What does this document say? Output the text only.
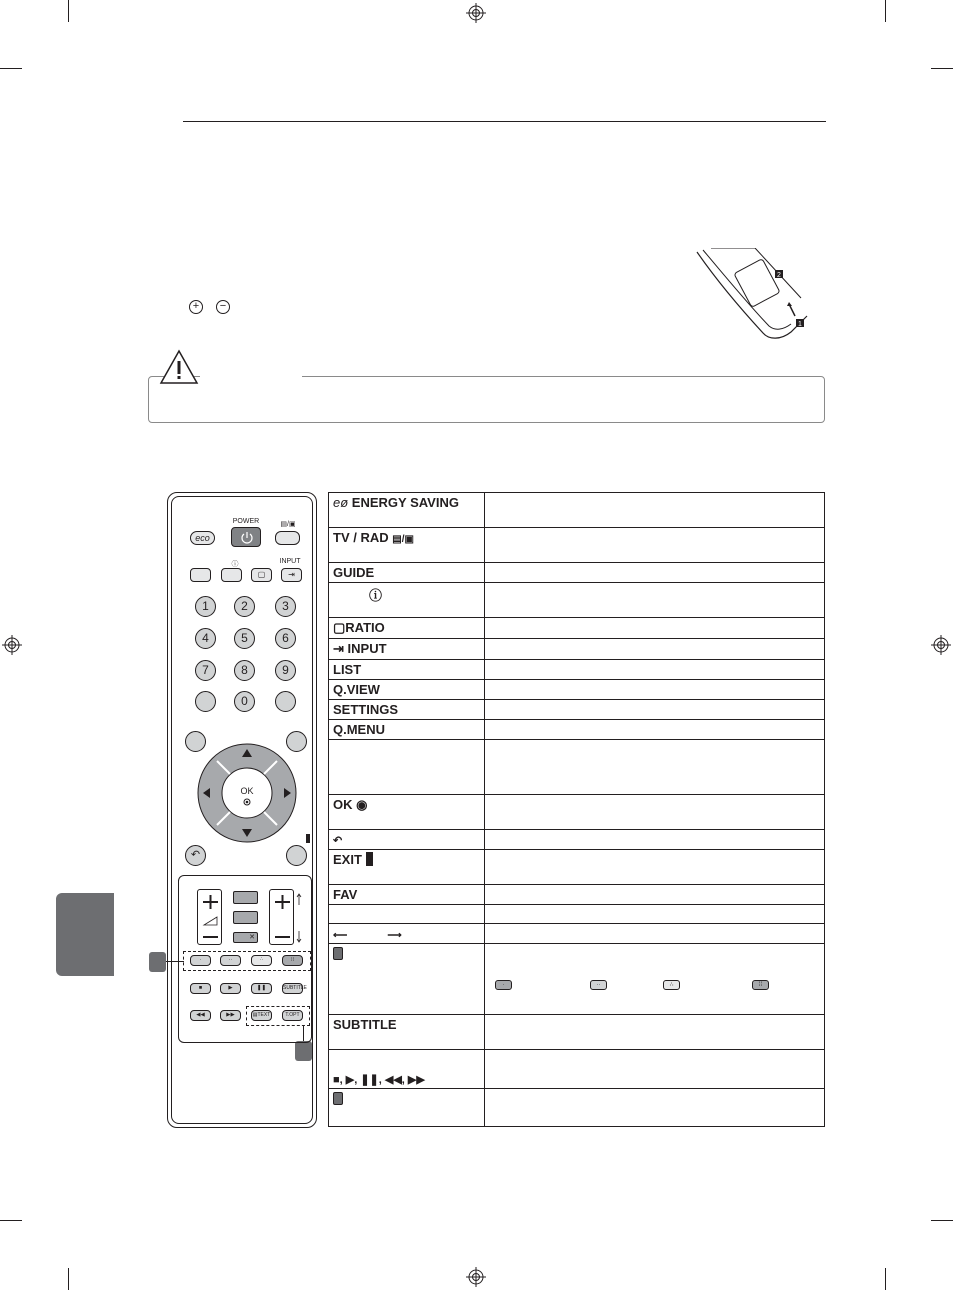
+	−
2
1
POWER	▤/▣
eco
ⓘ	INPUT
▢	⇥
1	2	3
4	5	6
7	8	9
0
OK
↶
✕
·	··	∴	⁞⁞
■	▶	❚❚	SUBTITLE
◀◀	▶▶	▤TEXT	T.OPT
eø ENERGY SAVING	
TV / RAD ▤/▣	
GUIDE	
ⓘ	
▢RATIO	
⇥ INPUT	
LIST	
Q.VIEW	
SETTINGS	
Q.MENU	

OK ◉	
↶	
EXIT	
FAV	

⟵ ⟶	

	· ·· ∴ ⁞⁞

SUBTITLE	
■, ▶, ❚❚, ◀◀, ▶▶	
